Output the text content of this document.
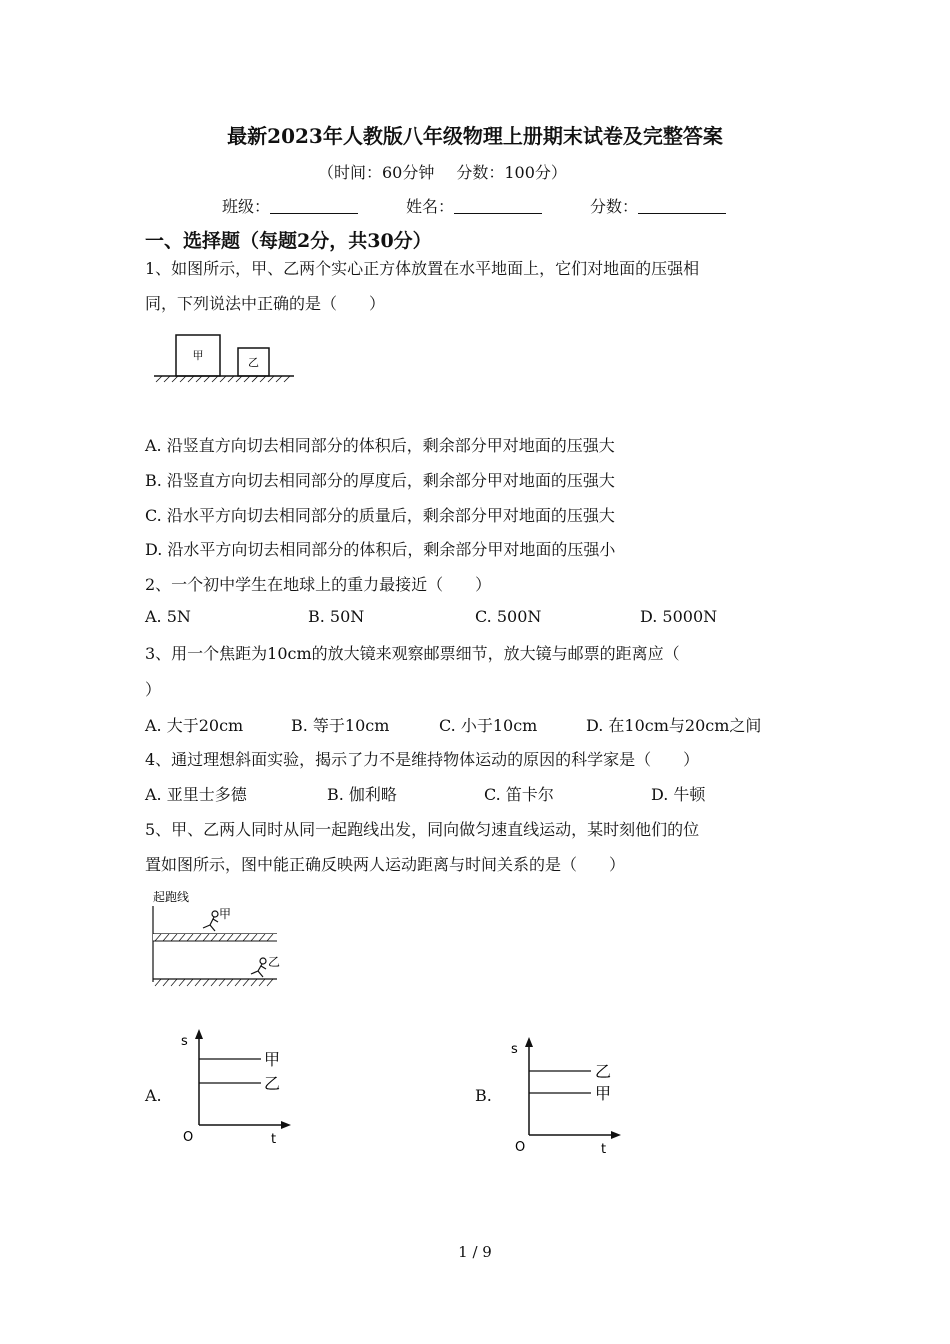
最新2023年人教版八年级物理上册期末试卷及完整答案
（时间：60分钟 分数：100分）
班级：	姓名：	分数：
一、选择题（每题2分，共30分）
1、如图所示，甲、乙两个实心正方体放置在水平地面上，它们对地面的压强相
同，下列说法中正确的是（　　）
甲
乙
A. 沿竖直方向切去相同部分的体积后，剩余部分甲对地面的压强大
B. 沿竖直方向切去相同部分的厚度后，剩余部分甲对地面的压强大
C. 沿水平方向切去相同部分的质量后，剩余部分甲对地面的压强大
D. 沿水平方向切去相同部分的体积后，剩余部分甲对地面的压强小
2、一个初中学生在地球上的重力最接近（　　）
A. 5N	B. 50N	C. 500N	D. 5000N
3、用一个焦距为10cm的放大镜来观察邮票细节，放大镜与邮票的距离应（
）
A. 大于20cm	B. 等于10cm	C. 小于10cm	D. 在10cm与20cm之间
4、通过理想斜面实验，揭示了力不是维持物体运动的原因的科学家是（　　）
A. 亚里士多德	B. 伽利略	C. 笛卡尔	D. 牛顿
5、甲、乙两人同时从同一起跑线出发，同向做匀速直线运动，某时刻他们的位
置如图所示，图中能正确反映两人运动距离与时间关系的是（　　）
起跑线
甲
乙
A.
s
t
O
甲
乙
B.
s
t
O
乙
甲
1 / 9
